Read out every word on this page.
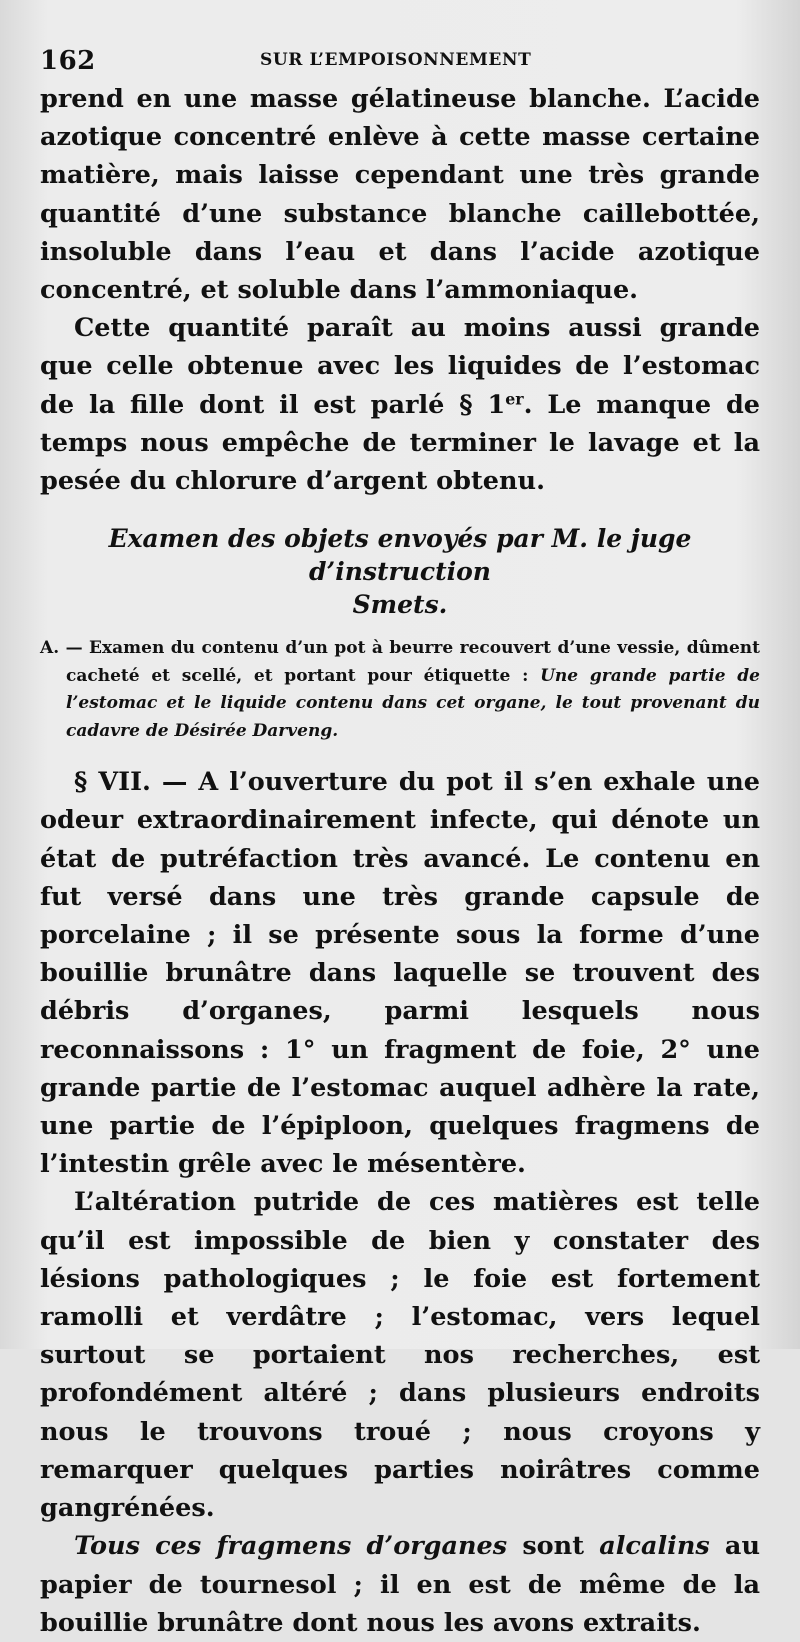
162	SUR L’EMPOISONNEMENT

prend en une masse gélatineuse blanche. L’acide azotique concentré enlève à cette masse certaine matière, mais laisse cependant une très grande quantité d’une substance blanche caillebottée, insoluble dans l’eau et dans l’acide azotique concentré, et soluble dans l’ammoniaque.

Cette quantité paraît au moins aussi grande que celle obtenue avec les liquides de l’estomac de la fille dont il est parlé § 1er. Le manque de temps nous empêche de terminer le lavage et la pesée du chlorure d’argent obtenu.

Examen des objets envoyés par M. le juge d’instruction
Smets.

A. — Examen du contenu d’un pot à beurre recouvert d’une vessie, dûment cacheté et scellé, et portant pour étiquette : Une grande partie de l’estomac et le liquide contenu dans cet organe, le tout provenant du cadavre de Désirée Darveng.

§ VII. — A l’ouverture du pot il s’en exhale une odeur extraordinairement infecte, qui dénote un état de putréfaction très avancé. Le contenu en fut versé dans une très grande capsule de porcelaine ; il se présente sous la forme d’une bouillie brunâtre dans laquelle se trouvent des débris d’organes, parmi lesquels nous reconnaissons : 1° un fragment de foie, 2° une grande partie de l’estomac auquel adhère la rate, une partie de l’épiploon, quelques fragmens de l’intestin grêle avec le mésentère.

L’altération putride de ces matières est telle qu’il est impossible de bien y constater des lésions pathologiques ; le foie est fortement ramolli et verdâtre ; l’estomac, vers lequel surtout se portaient nos recherches, est profondément altéré ; dans plusieurs endroits nous le trouvons troué ; nous croyons y remarquer quelques parties noirâtres comme gangrénées.

Tous ces fragmens d’organes sont alcalins au papier de tournesol ; il en est de même de la bouillie brunâtre dont nous les avons extraits.
